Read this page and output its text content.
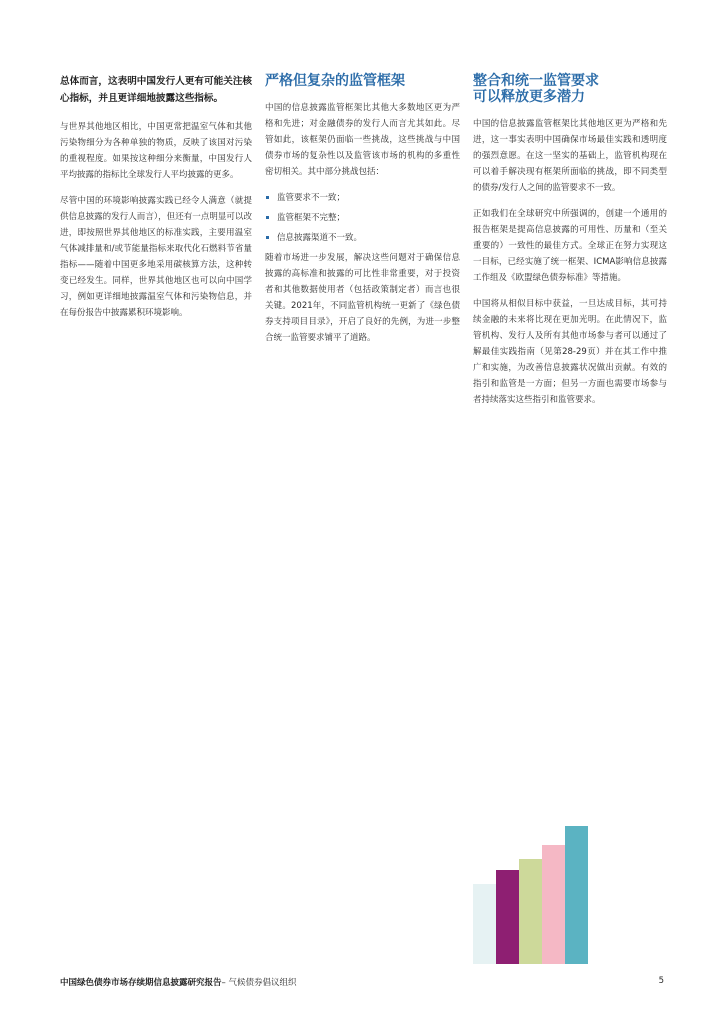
总体而言，这表明中国发行人更有可能关注核心指标，并且更详细地披露这些指标。

与世界其他地区相比，中国更常把温室气体和其他污染物细分为各种单独的物质，反映了该国对污染的重视程度。如果按这种细分来衡量，中国发行人平均披露的指标比全球发行人平均披露的更多。

尽管中国的环境影响披露实践已经令人满意（就提供信息披露的发行人而言），但还有一点明显可以改进，即按照世界其他地区的标准实践，主要用温室气体减排量和/或节能量指标来取代化石燃料节省量指标——随着中国更多地采用碳核算方法，这种转变已经发生。同样，世界其他地区也可以向中国学习，例如更详细地披露温室气体和污染物信息，并在每份报告中披露累积环境影响。

严格但复杂的监管框架

中国的信息披露监管框架比其他大多数地区更为严格和先进；对金融债券的发行人而言尤其如此。尽管如此，该框架仍面临一些挑战，这些挑战与中国债券市场的复杂性以及监管该市场的机构的多重性密切相关。其中部分挑战包括：

监管要求不一致；
监管框架不完整；
信息披露渠道不一致。

随着市场进一步发展，解决这些问题对于确保信息披露的高标准和披露的可比性非常重要，对于投资者和其他数据使用者（包括政策制定者）而言也很关键。2021年，不同监管机构统一更新了《绿色债券支持项目目录》，开启了良好的先例，为进一步整合统一监管要求铺平了道路。

整合和统一监管要求
可以释放更多潜力

中国的信息披露监管框架比其他地区更为严格和先进，这一事实表明中国确保市场最佳实践和透明度的强烈意愿。在这一坚实的基础上，监管机构现在可以着手解决现有框架所面临的挑战，即不同类型的债券/发行人之间的监管要求不一致。

正如我们在全球研究中所强调的，创建一个通用的报告框架是提高信息披露的可用性、历量和（至关重要的）一致性的最佳方式。全球正在努力实现这一目标，已经实施了统一框架、ICMA影响信息披露工作组及《欧盟绿色债券标准》等措施。

中国将从相似目标中获益，一旦达成目标，其可持续金融的未来将比现在更加光明。在此情况下，监管机构、发行人及所有其他市场参与者可以通过了解最佳实践指南（见第28-29页）并在其工作中推广和实施，为改善信息披露状况做出贡献。有效的指引和监管是一方面；但另一方面也需要市场参与者持续落实这些指引和监管要求。

中国绿色债券市场存续期信息披露研究报告– 气候债券倡议组织	5
